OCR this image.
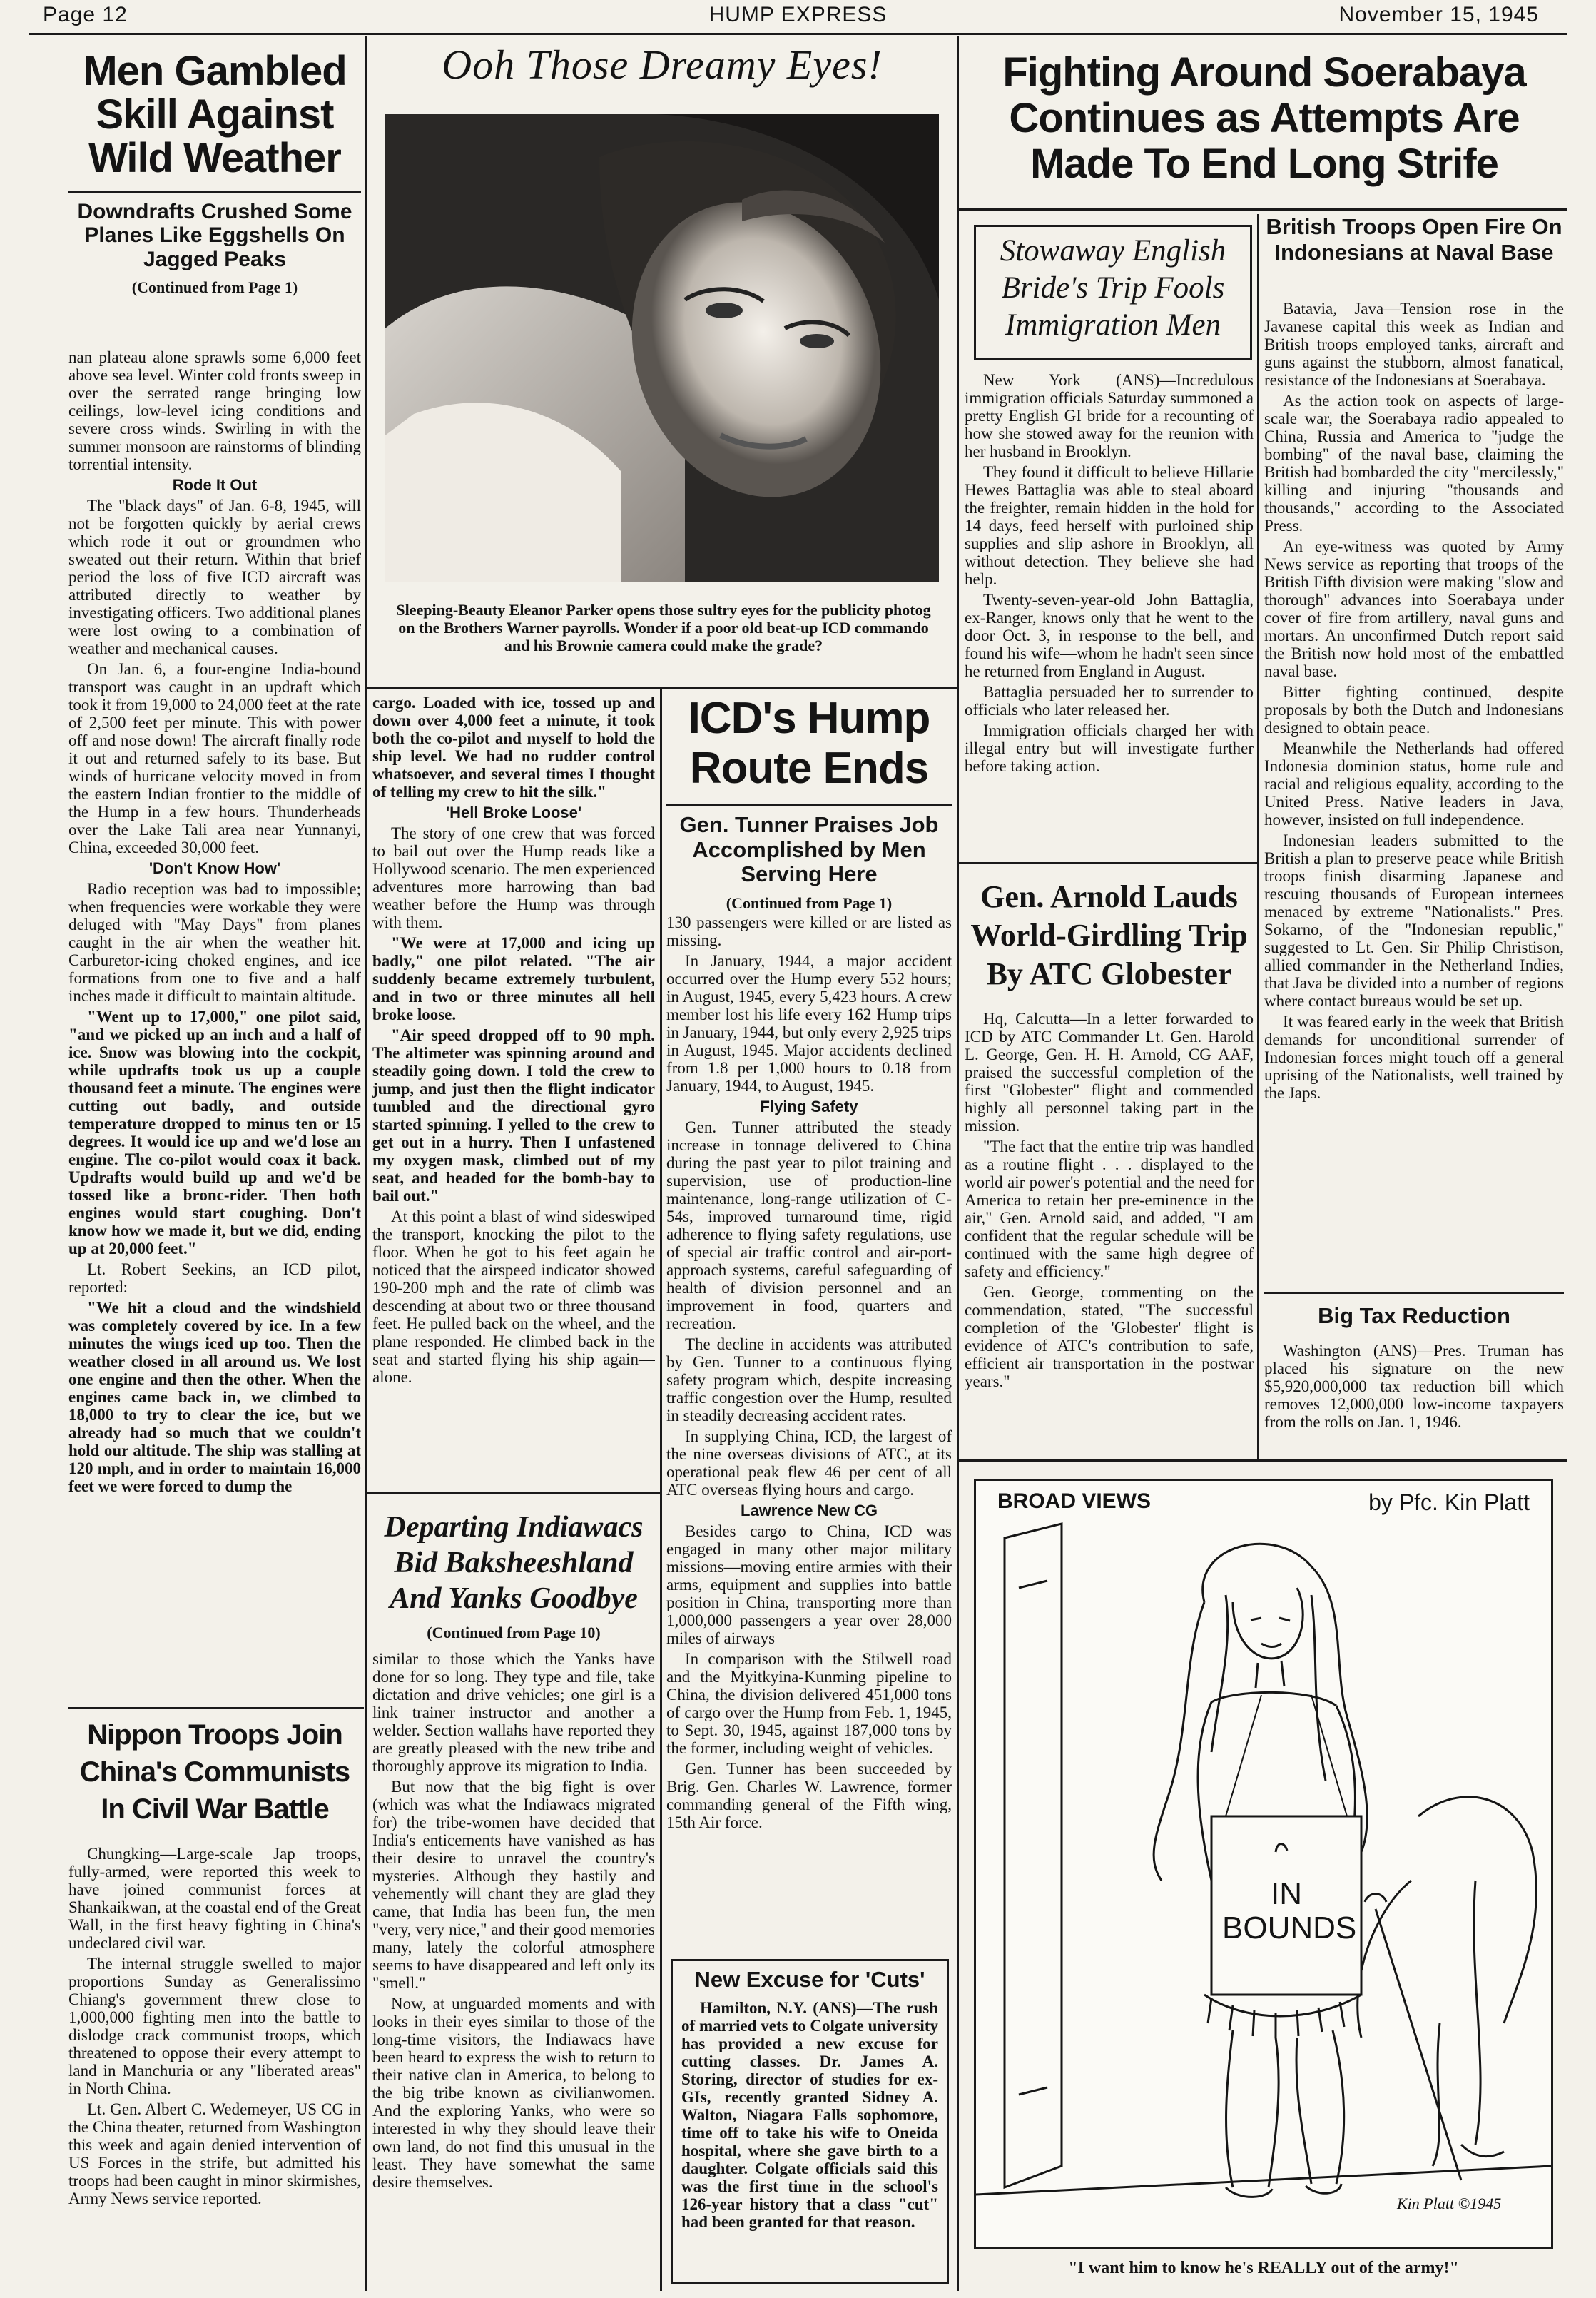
Page 12	HUMP EXPRESS	November 15, 1945
Men Gambled Skill Against Wild Weather
Downdrafts Crushed Some Planes Like Eggshells On Jagged Peaks
(Continued from Page 1)

nan plateau alone sprawls some 6,000 feet above sea level. Winter cold fronts sweep in over the serrated range bringing low ceilings, low-level icing conditions and severe cross winds. Swirling in with the summer monsoon are rainstorms of blinding torrential intensity.

Rode It Out

The "black days" of Jan. 6-8, 1945, will not be forgotten quickly by aerial crews which rode it out or groundmen who sweated out their return. Within that brief period the loss of five ICD aircraft was attributed directly to weather by investigating officers. Two additional planes were lost owing to a combination of weather and mechanical causes.

On Jan. 6, a four-engine India-bound transport was caught in an updraft which took it from 19,000 to 24,000 feet at the rate of 2,500 feet per minute. This with power off and nose down! The aircraft finally rode it out and returned safely to its base. But winds of hurricane velocity moved in from the eastern Indian frontier to the middle of the Hump in a few hours. Thunderheads over the Lake Tali area near Yunnanyi, China, exceeded 30,000 feet.

'Don't Know How'

Radio reception was bad to impossible; when frequencies were workable they were deluged with "May Days" from planes caught in the air when the weather hit. Carburetor-icing choked engines, and ice formations from one to five and a half inches made it difficult to maintain altitude.

"Went up to 17,000," one pilot said, "and we picked up an inch and a half of ice. Snow was blowing into the cockpit, while updrafts took us up a couple thousand feet a minute. The engines were cutting out badly, and outside temperature dropped to minus ten or 15 degrees. It would ice up and we'd lose an engine. The co-pilot would coax it back. Updrafts would build up and we'd be tossed like a bronc-rider. Then both engines would start coughing. Don't know how we made it, but we did, ending up at 20,000 feet."

Lt. Robert Seekins, an ICD pilot, reported:

"We hit a cloud and the windshield was completely covered by ice. In a few minutes the wings iced up too. Then the weather closed in all around us. We lost one engine and then the other. When the engines came back in, we climbed to 18,000 to try to clear the ice, but we already had so much that we couldn't hold our altitude. The ship was stalling at 120 mph, and in order to maintain 16,000 feet we were forced to dump the

cargo. Loaded with ice, tossed up and down over 4,000 feet a minute, it took both the co-pilot and myself to hold the ship level. We had no rudder control whatsoever, and several times I thought of telling my crew to hit the silk."

'Hell Broke Loose'

The story of one crew that was forced to bail out over the Hump reads like a Hollywood scenario. The men experienced adventures more harrowing than bad weather before the Hump was through with them.

"We were at 17,000 and icing up badly," one pilot related. "The air suddenly became extremely turbulent, and in two or three minutes all hell broke loose.

"Air speed dropped off to 90 mph. The altimeter was spinning around and steadily going down. I told the crew to jump, and just then the flight indicator tumbled and the directional gyro started spinning. I yelled to the crew to get out in a hurry. Then I unfastened my oxygen mask, climbed out of my seat, and headed for the bomb-bay to bail out."

At this point a blast of wind sideswiped the transport, knocking the pilot to the floor. When he got to his feet again he noticed that the airspeed indicator showed 190-200 mph and the rate of climb was descending at about two or three thousand feet. He pulled back on the wheel, and the plane responded. He climbed back in the seat and started flying his ship again—alone.

Ooh Those Dreamy Eyes!
Sleeping-Beauty Eleanor Parker opens those sultry eyes for the publicity photog on the Brothers Warner payrolls. Wonder if a poor old beat-up ICD commando and his Brownie camera could make the grade?
Nippon Troops Join China's Communists In Civil War Battle

Chungking—Large-scale Jap troops, fully-armed, were reported this week to have joined communist forces at Shankaikwan, at the coastal end of the Great Wall, in the first heavy fighting in China's undeclared civil war.

The internal struggle swelled to major proportions Sunday as Generalissimo Chiang's government threw close to 1,000,000 fighting men into the battle to dislodge crack communist troops, which threatened to oppose their every attempt to land in Manchuria or any "liberated areas" in North China.

Lt. Gen. Albert C. Wedemeyer, US CG in the China theater, returned from Washington this week and again denied intervention of US Forces in the strife, but admitted his troops had been caught in minor skirmishes, Army News service reported.

Departing Indiawacs Bid Baksheeshland And Yanks Goodbye
(Continued from Page 10)

similar to those which the Yanks have done for so long. They type and file, take dictation and drive vehicles; one girl is a link trainer instructor and another a welder. Section wallahs have reported they are greatly pleased with the new tribe and thoroughly approve its migration to India.

But now that the big fight is over (which was what the Indiawacs migrated for) the tribe-women have decided that India's enticements have vanished as has their desire to unravel the country's mysteries. Although they hastily and vehemently will chant they are glad they came, that India has been fun, the men "very, very nice," and their good memories many, lately the colorful atmosphere seems to have disappeared and left only its "smell."

Now, at unguarded moments and with looks in their eyes similar to those of the long-time visitors, the Indiawacs have been heard to express the wish to return to their native clan in America, to belong to the big tribe known as civilianwomen. And the exploring Yanks, who were so interested in why they should leave their own land, do not find this unusual in the least. They have somewhat the same desire themselves.

ICD's Hump Route Ends
Gen. Tunner Praises Job Accomplished by Men Serving Here
(Continued from Page 1)

130 passengers were killed or are listed as missing.

In January, 1944, a major accident occurred over the Hump every 552 hours; in August, 1945, every 5,423 hours. A crew member lost his life every 162 Hump trips in January, 1944, but only every 2,925 trips in August, 1945. Major accidents declined from 1.8 per 1,000 hours to 0.18 from January, 1944, to August, 1945.

Flying Safety

Gen. Tunner attributed the steady increase in tonnage delivered to China during the past year to pilot training and supervision, use of production-line maintenance, long-range utilization of C-54s, improved turnaround time, rigid adherence to flying safety regulations, use of special air traffic control and air-port-approach systems, careful safeguarding of health of division personnel and an improvement in food, quarters and recreation.

The decline in accidents was attributed by Gen. Tunner to a continuous flying safety program which, despite increasing traffic congestion over the Hump, resulted in steadily decreasing accident rates.

In supplying China, ICD, the largest of the nine overseas divisions of ATC, at its operational peak flew 46 per cent of all ATC overseas flying hours and cargo.

Lawrence New CG

Besides cargo to China, ICD was engaged in many other major military missions—moving entire armies with their arms, equipment and supplies into battle position in China, transporting more than 1,000,000 passengers a year over 28,000 miles of airways

In comparison with the Stilwell road and the Myitkyina-Kunming pipeline to China, the division delivered 451,000 tons of cargo over the Hump from Feb. 1, 1945, to Sept. 30, 1945, against 187,000 tons by the former, including weight of vehicles.

Gen. Tunner has been succeeded by Brig. Gen. Charles W. Lawrence, former commanding general of the Fifth wing, 15th Air force.

New Excuse for 'Cuts'

Hamilton, N.Y. (ANS)—The rush of married vets to Colgate university has provided a new excuse for cutting classes. Dr. James A. Storing, director of studies for ex-GIs, recently granted Sidney A. Walton, Niagara Falls sophomore, time off to take his wife to Oneida hospital, where she gave birth to a daughter. Colgate officials said this was the first time in the school's 126-year history that a class "cut" had been granted for that reason.

Fighting Around Soerabaya Continues as Attempts Are Made To End Long Strife
Stowaway English Bride's Trip Fools Immigration Men

New York (ANS)—Incredulous immigration officials Saturday summoned a pretty English GI bride for a recounting of how she stowed away for the reunion with her husband in Brooklyn.

They found it difficult to believe Hillarie Hewes Battaglia was able to steal aboard the freighter, remain hidden in the hold for 14 days, feed herself with purloined ship supplies and slip ashore in Brooklyn, all without detection. They believe she had help.

Twenty-seven-year-old John Battaglia, ex-Ranger, knows only that he went to the door Oct. 3, in response to the bell, and found his wife—whom he hadn't seen since he returned from England in August.

Battaglia persuaded her to surrender to officials who later released her.

Immigration officials charged her with illegal entry but will investigate further before taking action.

Gen. Arnold Lauds World-Girdling Trip By ATC Globester

Hq, Calcutta—In a letter forwarded to ICD by ATC Commander Lt. Gen. Harold L. George, Gen. H. H. Arnold, CG AAF, praised the successful completion of the first "Globester" flight and commended highly all personnel taking part in the mission.

"The fact that the entire trip was handled as a routine flight . . . displayed to the world air power's potential and the need for America to retain her pre-eminence in the air," Gen. Arnold said, and added, "I am confident that the regular schedule will be continued with the same high degree of safety and efficiency."

Gen. George, commenting on the commendation, stated, "The successful completion of the 'Globester' flight is evidence of ATC's contribution to safe, efficient air transportation in the postwar years."

British Troops Open Fire On Indonesians at Naval Base

Batavia, Java—Tension rose in the Javanese capital this week as Indian and British troops employed tanks, aircraft and guns against the stubborn, almost fanatical, resistance of the Indonesians at Soerabaya.

As the action took on aspects of large-scale war, the Soerabaya radio appealed to China, Russia and America to "judge the bombing" of the naval base, claiming the British had bombarded the city "mercilessly," killing and injuring "thousands and thousands," according to the Associated Press.

An eye-witness was quoted by Army News service as reporting that troops of the British Fifth division were making "slow and thorough" advances into Soerabaya under cover of fire from artillery, naval guns and mortars. An unconfirmed Dutch report said the British now hold most of the embattled naval base.

Bitter fighting continued, despite proposals by both the Dutch and Indonesians designed to obtain peace.

Meanwhile the Netherlands had offered Indonesia dominion status, home rule and racial and religious equality, according to the United Press. Native leaders in Java, however, insisted on full independence.

Indonesian leaders submitted to the British a plan to preserve peace while British troops finish disarming Japanese and rescuing thousands of European internees menaced by extreme "Nationalists." Pres. Sokarno, of the "Indonesian republic," suggested to Lt. Gen. Sir Philip Christison, allied commander in the Netherland Indies, that Java be divided into a number of regions where contact bureaus would be set up.

It was feared early in the week that British demands for unconditional surrender of Indonesian forces might touch off a general uprising of the Nationalists, well trained by the Japs.

Big Tax Reduction

Washington (ANS)—Pres. Truman has placed his signature on the new $5,920,000,000 tax reduction bill which removes 12,000,000 low-income taxpayers from the rolls on Jan. 1, 1946.

BROAD VIEWS	by Pfc. Kin Platt
IN
BOUNDS
Kin Platt ©1945
"I want him to know he's REALLY out of the army!"
